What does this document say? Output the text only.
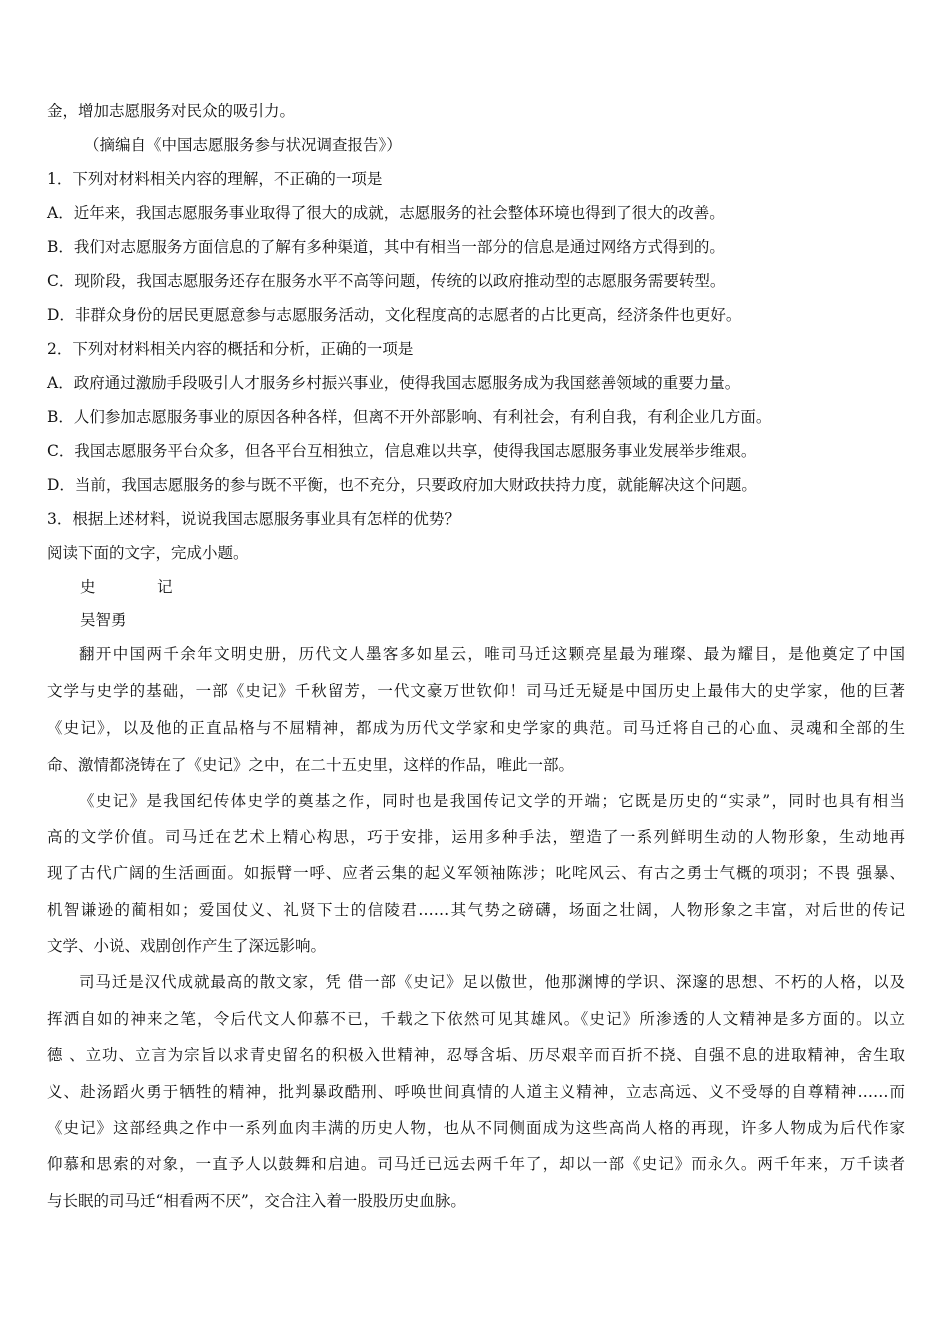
金，增加志愿服务对民众的吸引力。
（摘编自《中国志愿服务参与状况调查报告》）
1．下列对材料相关内容的理解，不正确的一项是
A．近年来，我国志愿服务事业取得了很大的成就，志愿服务的社会整体环境也得到了很大的改善。
B．我们对志愿服务方面信息的了解有多种渠道，其中有相当一部分的信息是通过网络方式得到的。
C．现阶段，我国志愿服务还存在服务水平不高等问题，传统的以政府推动型的志愿服务需要转型。
D．非群众身份的居民更愿意参与志愿服务活动，文化程度高的志愿者的占比更高，经济条件也更好。
2．下列对材料相关内容的概括和分析，正确的一项是
A．政府通过激励手段吸引人才服务乡村振兴事业，使得我国志愿服务成为我国慈善领域的重要力量。
B．人们参加志愿服务事业的原因各种各样，但离不开外部影响、有利社会，有利自我，有利企业几方面。
C．我国志愿服务平台众多，但各平台互相独立，信息难以共享，使得我国志愿服务事业发展举步维艰。
D．当前，我国志愿服务的参与既不平衡，也不充分，只要政府加大财政扶持力度，就能解决这个问题。
3．根据上述材料，说说我国志愿服务事业具有怎样的优势？
阅读下面的文字，完成小题。
史	记
吴智勇
翻开中国两千余年文明史册，历代文人墨客多如星云，唯司马迁这颗亮星最为璀璨、最为耀目，是他奠定了中国
文学与史学的基础，一部《史记》千秋留芳，一代文豪万世钦仰！司马迁无疑是中国历史上最伟大的史学家，他的巨著
《史记》，以及他的正直品格与不屈精神，都成为历代文学家和史学家的典范。司马迁将自己的心血、灵魂和全部的生
命、激情都浇铸在了《史记》之中，在二十五史里，这样的作品，唯此一部。
《史记》是我国纪传体史学的奠基之作，同时也是我国传记文学的开端；它既是历史的“实录”，同时也具有相当
高的文学价值。司马迁在艺术上精心构思，巧于安排，运用多种手法，塑造了一系列鲜明生动的人物形象，生动地再
现了古代广阔的生活画面。如振臂一呼、应者云集的起义军领袖陈涉；叱咤风云、有古之勇士气概的项羽；不畏 强暴、
机智谦逊的蔺相如；爱国仗义、礼贤下士的信陵君……其气势之磅礴，场面之壮阔，人物形象之丰富，对后世的传记
文学、小说、戏剧创作产生了深远影响。
司马迁是汉代成就最高的散文家，凭 借一部《史记》足以傲世，他那渊博的学识、深邃的思想、不朽的人格，以及
挥洒自如的神来之笔，令后代文人仰慕不已，千载之下依然可见其雄风。《史记》所渗透的人文精神是多方面的。以立
德 、立功、立言为宗旨以求青史留名的积极入世精神，忍辱含垢、历尽艰辛而百折不挠、自强不息的进取精神，舍生取
义、赴汤蹈火勇于牺牲的精神，批判暴政酷刑、呼唤世间真情的人道主义精神，立志高远、义不受辱的自尊精神……而
《史记》这部经典之作中一系列血肉丰满的历史人物，也从不同侧面成为这些高尚人格的再现，许多人物成为后代作家
仰慕和思索的对象，一直予人以鼓舞和启迪。司马迁已远去两千年了，却以一部《史记》而永久。两千年来，万千读者
与长眠的司马迁“相看两不厌”，交合注入着一股股历史血脉。
